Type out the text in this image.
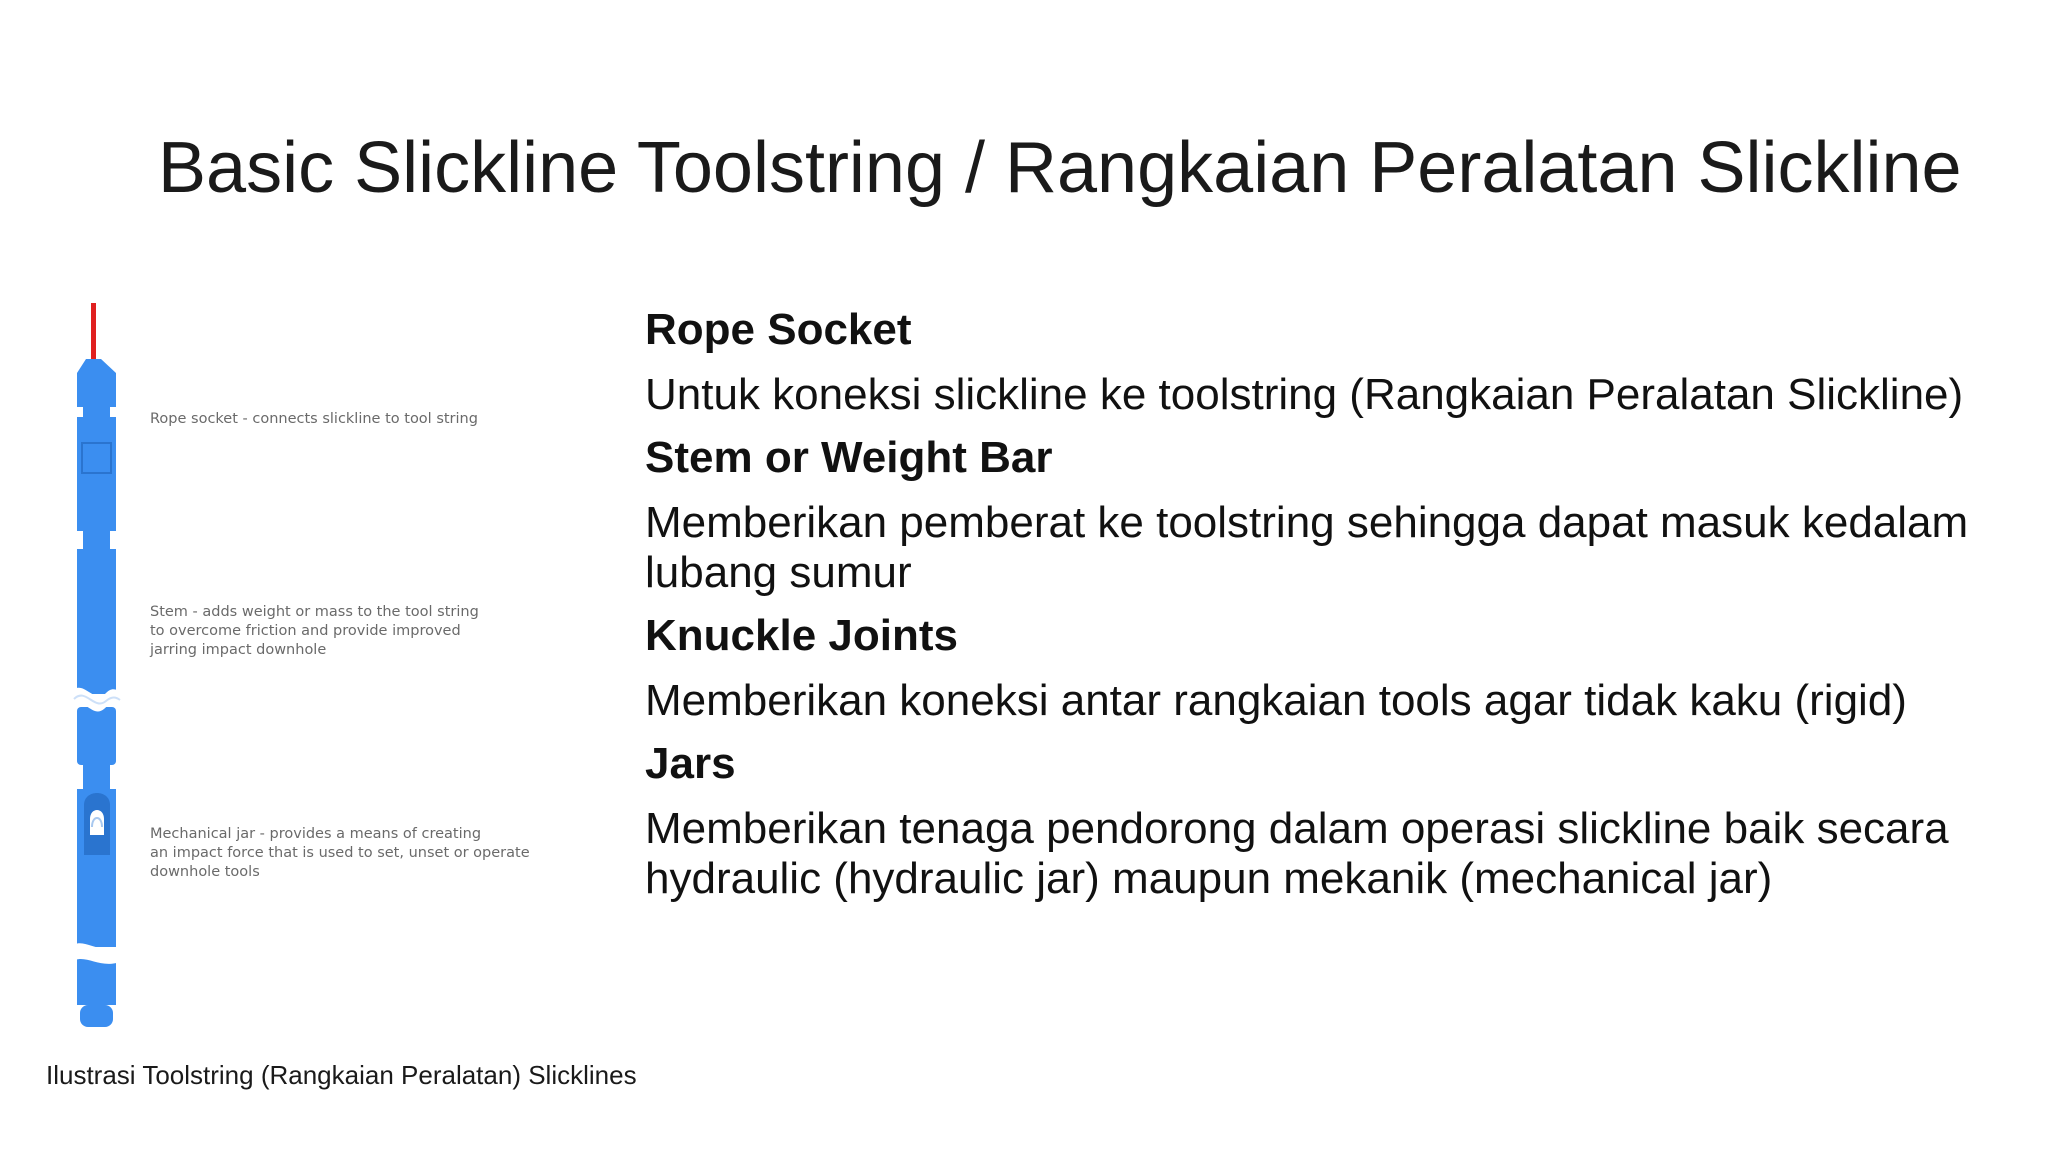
Basic Slickline Toolstring / Rangkaian Peralatan Slickline
Rope socket - connects slickline to tool string
Stem - adds weight or mass to the tool string
to overcome friction and provide improved
jarring impact downhole
Mechanical jar - provides a means of creating
an impact force that is used to set, unset or operate
downhole tools
Ilustrasi Toolstring (Rangkaian Peralatan) Slicklines
Rope Socket
Untuk koneksi slickline ke toolstring (Rangkaian Peralatan Slickline)
Stem or Weight Bar
Memberikan pemberat ke toolstring sehingga dapat masuk kedalam lubang sumur
Knuckle Joints
Memberikan koneksi antar rangkaian tools agar tidak kaku (rigid)
Jars
Memberikan tenaga pendorong dalam operasi slickline baik secara hydraulic (hydraulic jar) maupun mekanik (mechanical jar)
